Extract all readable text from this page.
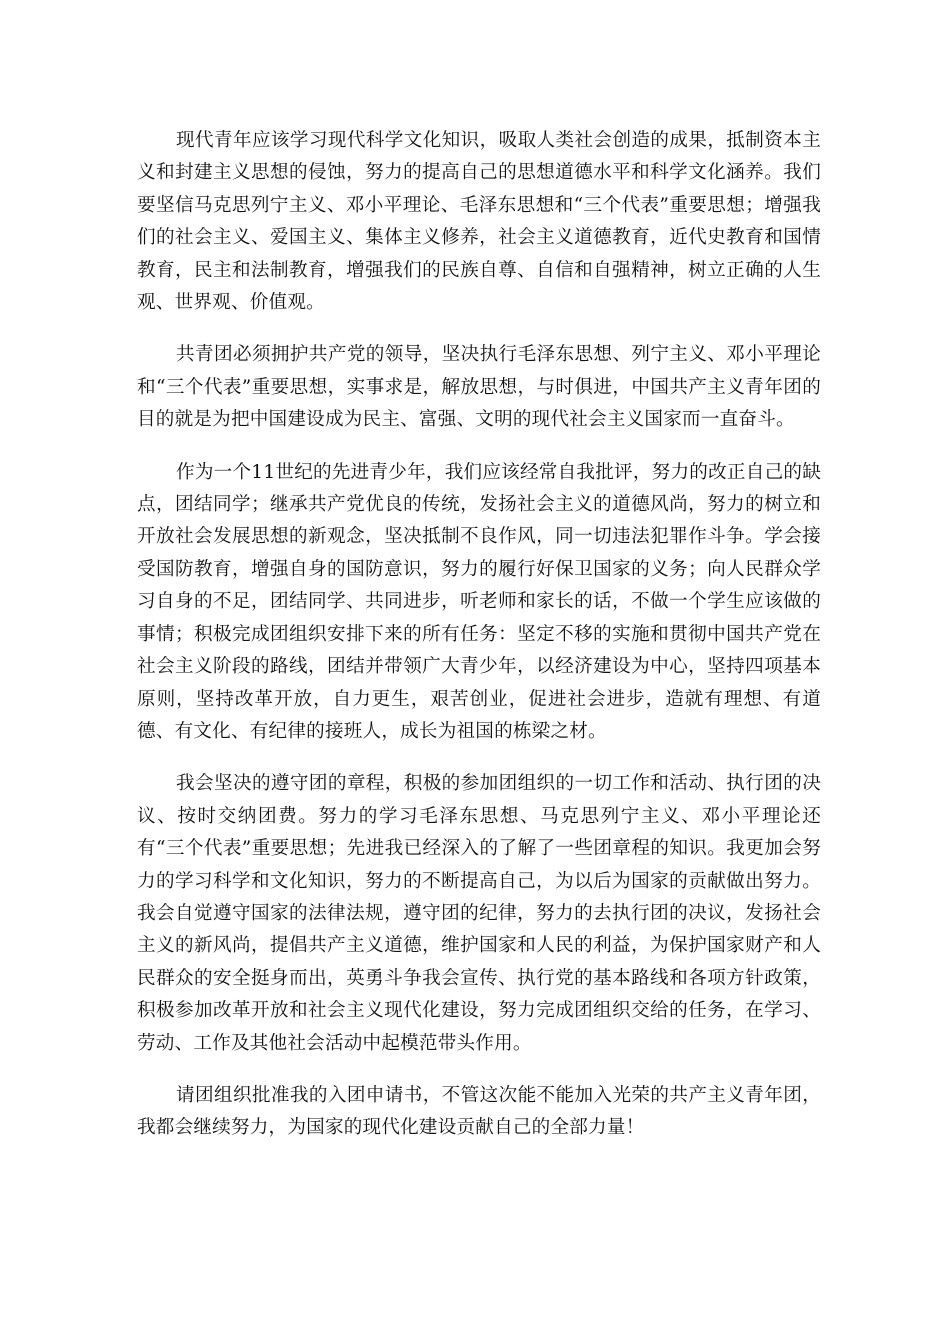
现代青年应该学习现代科学文化知识，吸取人类社会创造的成果，抵制资本主义和封建主义思想的侵蚀，努力的提高自己的思想道德水平和科学文化涵养。我们要坚信马克思列宁主义、邓小平理论、毛泽东思想和“三个代表”重要思想；增强我们的社会主义、爱国主义、集体主义修养，社会主义道德教育，近代史教育和国情教育，民主和法制教育，增强我们的民族自尊、自信和自强精神，树立正确的人生观、世界观、价值观。

共青团必须拥护共产党的领导，坚决执行毛泽东思想、列宁主义、邓小平理论和“三个代表”重要思想，实事求是，解放思想，与时俱进，中国共产主义青年团的目的就是为把中国建设成为民主、富强、文明的现代社会主义国家而一直奋斗。

作为一个11世纪的先进青少年，我们应该经常自我批评，努力的改正自己的缺点，团结同学；继承共产党优良的传统，发扬社会主义的道德风尚，努力的树立和开放社会发展思想的新观念，坚决抵制不良作风，同一切违法犯罪作斗争。学会接受国防教育，增强自身的国防意识，努力的履行好保卫国家的义务；向人民群众学习自身的不足，团结同学、共同进步，听老师和家长的话，不做一个学生应该做的事情；积极完成团组织安排下来的所有任务：坚定不移的实施和贯彻中国共产党在社会主义阶段的路线，团结并带领广大青少年，以经济建设为中心，坚持四项基本原则，坚持改革开放，自力更生，艰苦创业，促进社会进步，造就有理想、有道德、有文化、有纪律的接班人，成长为祖国的栋梁之材。

我会坚决的遵守团的章程，积极的参加团组织的一切工作和活动、执行团的决议、按时交纳团费。努力的学习毛泽东思想、马克思列宁主义、邓小平理论还有“三个代表”重要思想；先进我已经深入的了解了一些团章程的知识。我更加会努力的学习科学和文化知识，努力的不断提高自己，为以后为国家的贡献做出努力。我会自觉遵守国家的法律法规，遵守团的纪律，努力的去执行团的决议，发扬社会主义的新风尚，提倡共产主义道德，维护国家和人民的利益，为保护国家财产和人民群众的安全挺身而出，英勇斗争我会宣传、执行党的基本路线和各项方针政策，积极参加改革开放和社会主义现代化建设，努力完成团组织交给的任务，在学习、劳动、工作及其他社会活动中起模范带头作用。

请团组织批准我的入团申请书，不管这次能不能加入光荣的共产主义青年团，我都会继续努力，为国家的现代化建设贡献自己的全部力量！
